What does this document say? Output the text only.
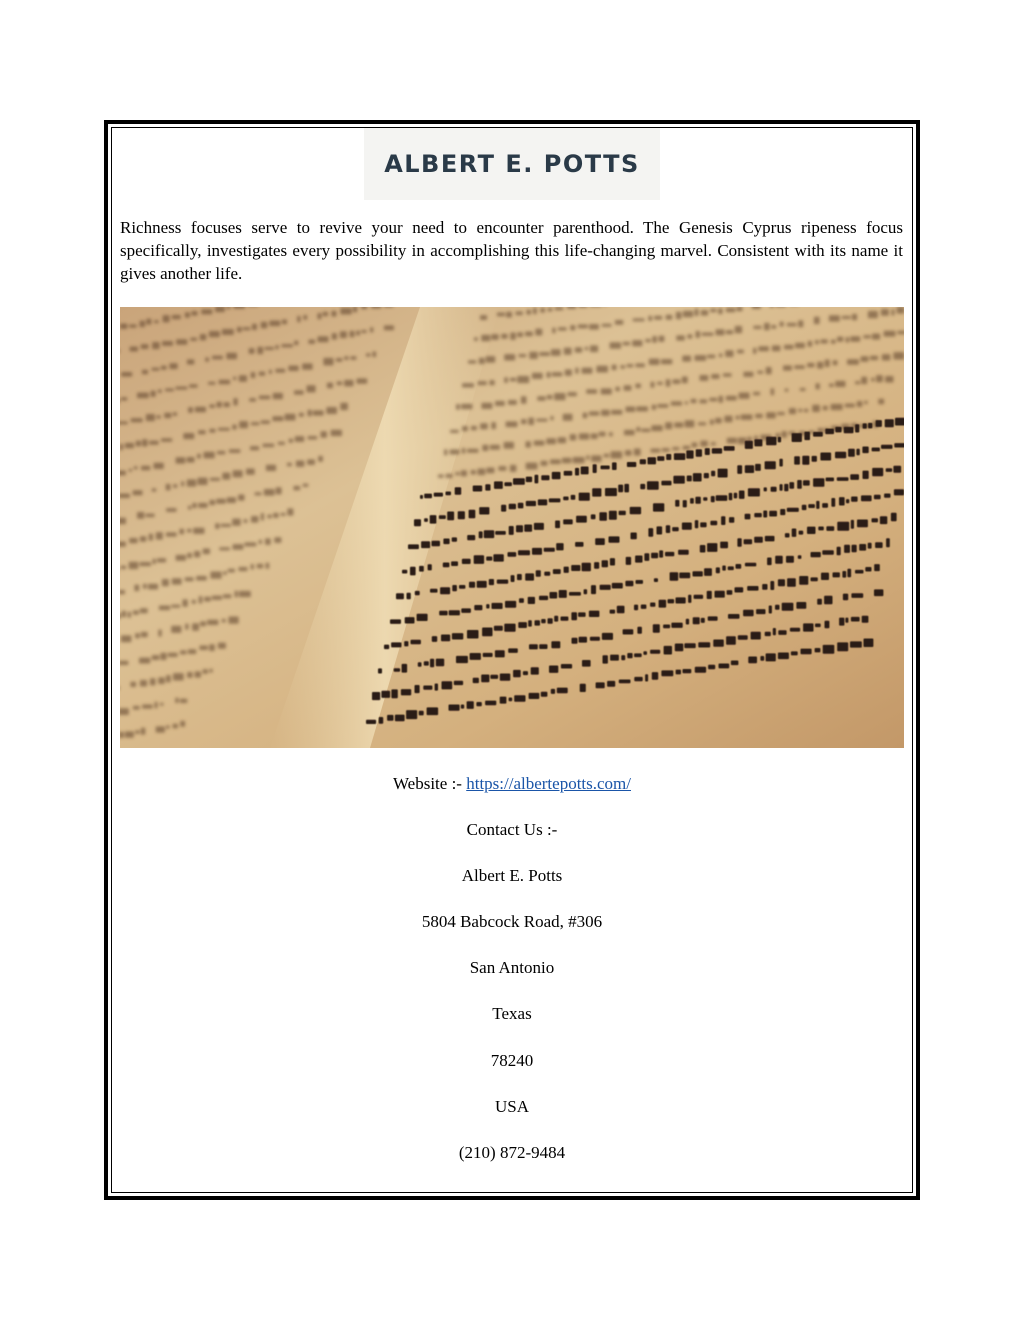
ALBERT E. POTTS

Richness focuses serve to revive your need to encounter parenthood. The Genesis Cyprus ripeness focus specifically, investigates every possibility in accomplishing this life-changing marvel. Consistent with its name it gives another life.

Website :- https://albertepotts.com/

Contact Us :-

Albert E. Potts

5804 Babcock Road, #306

San Antonio

Texas

78240

USA

(210) 872-9484
